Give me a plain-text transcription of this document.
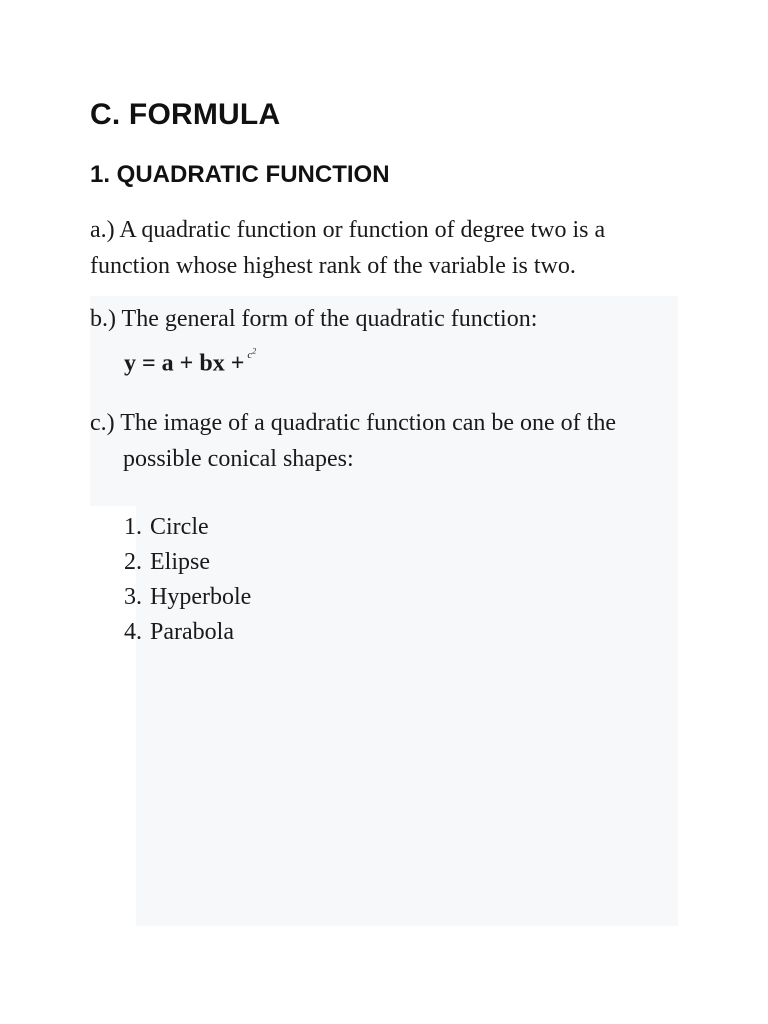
C. FORMULA
1. QUADRATIC FUNCTION

a.) A quadratic function or function of degree two is a function whose highest rank of the variable is two.

b.) The general form of the quadratic function:

y = a + bx + $^{c^2}$

c.) The image of a quadratic function can be one of the
possible conical shapes:

1. Circle
2. Elipse
3. Hyperbole
4. Parabola
